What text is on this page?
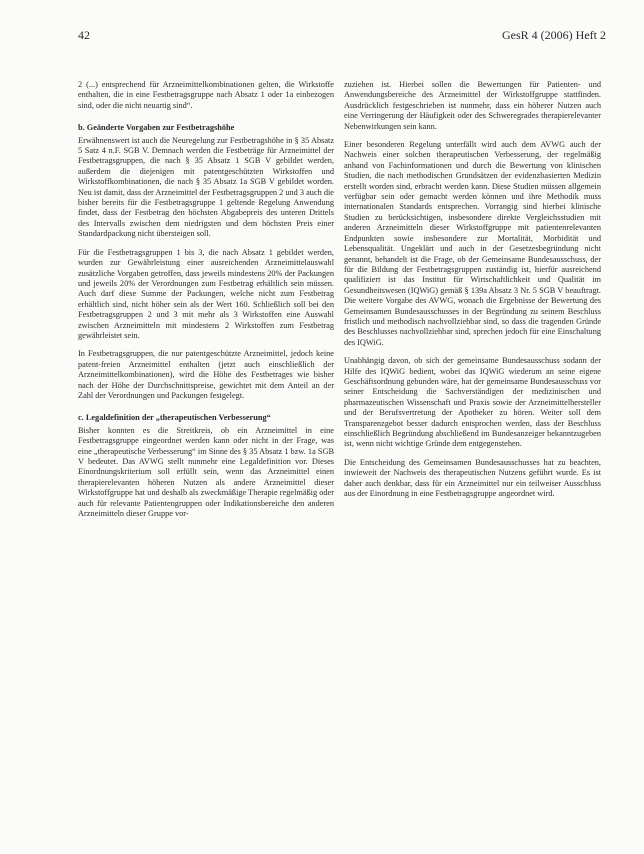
42	GesR 4 (2006) Heft 2

2 (...) entsprechend für Arzneimittelkombinationen gelten, die Wirkstoffe enthalten, die in eine Festbetragsgruppe nach Absatz 1 oder 1a einbezogen sind, oder die nicht neuartig sind“.

b. Geänderte Vorgaben zur Festbetragshöhe

Erwähnenswert ist auch die Neuregelung zur Festbetragshöhe in § 35 Absatz 5 Satz 4 n.F. SGB V. Demnach werden die Festbeträge für Arzneimittel der Festbetragsgruppen, die nach § 35 Absatz 1 SGB V gebildet werden, außerdem die diejenigen mit patentgeschützten Wirkstoffen und Wirkstoffkombinationen, die nach § 35 Absatz 1a SGB V gebildet worden. Neu ist damit, dass der Arzneimittel der Festbetragsgruppen 2 und 3 auch die bisher bereits für die Festbetragsgruppe 1 geltende Regelung Anwendung findet, dass der Festbetrag den höchsten Abgabepreis des unteren Drittels des Intervalls zwischen dem niedrigsten und dem höchsten Preis einer Standardpackung nicht übersteigen soll.

Für die Festbetragsgruppen 1 bis 3, die nach Absatz 1 gebildet werden, wurden zur Gewährleistung einer ausreichenden Arzneimittelauswahl zusätzliche Vorgaben getroffen, dass jeweils mindestens 20% der Packungen und jeweils 20% der Verordnungen zum Festbetrag erhältlich sein müssen. Auch darf diese Summe der Packungen, welche nicht zum Festbetrag erhältlich sind, nicht höher sein als der Wert 160. Schließlich soll bei den Festbetragsgruppen 2 und 3 mit mehr als 3 Wirkstoffen eine Auswahl zwischen Arzneimitteln mit mindestens 2 Wirkstoffen zum Festbetrag gewährleistet sein.

In Festbetragsgruppen, die nur patentgeschützte Arzneimittel, jedoch keine patent-freien Arzneimittel enthalten (jetzt auch einschließlich der Arzneimittelkombinationen), wird die Höhe des Festbetrages wie bisher nach der Höhe der Durchschnittspreise, gewichtet mit dem Anteil an der Zahl der Verordnungen und Packungen festgelegt.

c. Legaldefinition der „therapeutischen Verbesserung“

Bisher konnten es die Streitkreis, ob ein Arzneimittel in eine Festbetragsgruppe eingeordnet werden kann oder nicht in der Frage, was eine „therapeutische Verbesserung“ im Sinne des § 35 Absatz 1 bzw. 1a SGB V bedeutet. Das AVWG stellt nunmehr eine Legaldefinition vor. Dieses Einordnungskriterium soll erfüllt sein, wenn das Arzneimittel einen therapierelevanten höheren Nutzen als andere Arzneimittel dieser Wirkstoffgruppe hat und deshalb als zweckmäßige Therapie regelmäßig oder auch für relevante Patientengruppen oder Indikationsbereiche den anderen Arzneimitteln dieser Gruppe vor-

zuziehen ist. Hierbei sollen die Bewertungen für Patienten- und Anwendungsbereiche des Arzneimittel der Wirkstoffgruppe stattfinden. Ausdrücklich festgeschrieben ist nunmehr, dass ein höherer Nutzen auch eine Verringerung der Häufigkeit oder des Schweregrades therapierelevanter Nebenwirkungen sein kann.

Einer besonderen Regelung unterfällt wird auch dem AVWG auch der Nachweis einer solchen therapeutischen Verbesserung, der regelmäßig anhand von Fachinformationen und durch die Bewertung von klinischen Studien, die nach methodischen Grundsätzen der evidenzbasierten Medizin erstellt worden sind, erbracht werden kann. Diese Studien müssen allgemein verfügbar sein oder gemacht werden können und ihre Methodik muss internationalen Standards entsprechen. Vorrangig sind hierbei klinische Studien zu berücksichtigen, insbesondere direkte Vergleichsstudien mit anderen Arzneimitteln dieser Wirkstoffgruppe mit patientenrelevanten Endpunkten sowie insbesondere zur Mortalität, Morbidität und Lebensqualität. Ungeklärt und auch in der Gesetzesbegründung nicht genannt, behandelt ist die Frage, ob der Gemeinsame Bundesausschuss, der für die Bildung der Festbetragsgruppen zuständig ist, hierfür ausreichend qualifiziert ist das Institut für Wirtschaftlichkeit und Qualität im Gesundheitswesen (IQWiG) gemäß § 139a Absatz 3 Nr. 5 SGB V beauftragt. Die weitere Vorgabe des AVWG, wonach die Ergebnisse der Bewertung des Gemeinsamen Bundesausschusses in der Begründung zu seinem Beschluss fristlich und methodisch nachvollziehbar sind, so dass die tragenden Gründe des Beschlusses nachvollziehbar sind, sprechen jedoch für eine Einschaltung des IQWiG.

Unabhängig davon, ob sich der gemeinsame Bundesausschuss sodann der Hilfe des IQWiG bedient, wobei das IQWiG wiederum an seine eigene Geschäftsordnung gebunden wäre, hat der gemeinsame Bundesausschuss vor seiner Entscheidung die Sachverständigen der medizinischen und pharmazeutischen Wissenschaft und Praxis sowie der Arzneimittelhersteller und der Berufsvertretung der Apotheker zu hören. Weiter soll dem Transparenzgebot besser dadurch entsprochen werden, dass der Beschluss einschließlich Begründung abschließend im Bundesanzeiger bekanntzugeben ist, wenn nicht wichtige Gründe dem entgegenstehen.

Die Entscheidung des Gemeinsamen Bundesausschusses hat zu beachten, inwieweit der Nachweis des therapeutischen Nutzens geführt wurde. Es ist daher auch denkbar, dass für ein Arzneimittel nur ein teilweiser Ausschluss aus der Einordnung in eine Festbetragsgruppe angeordnet wird.
